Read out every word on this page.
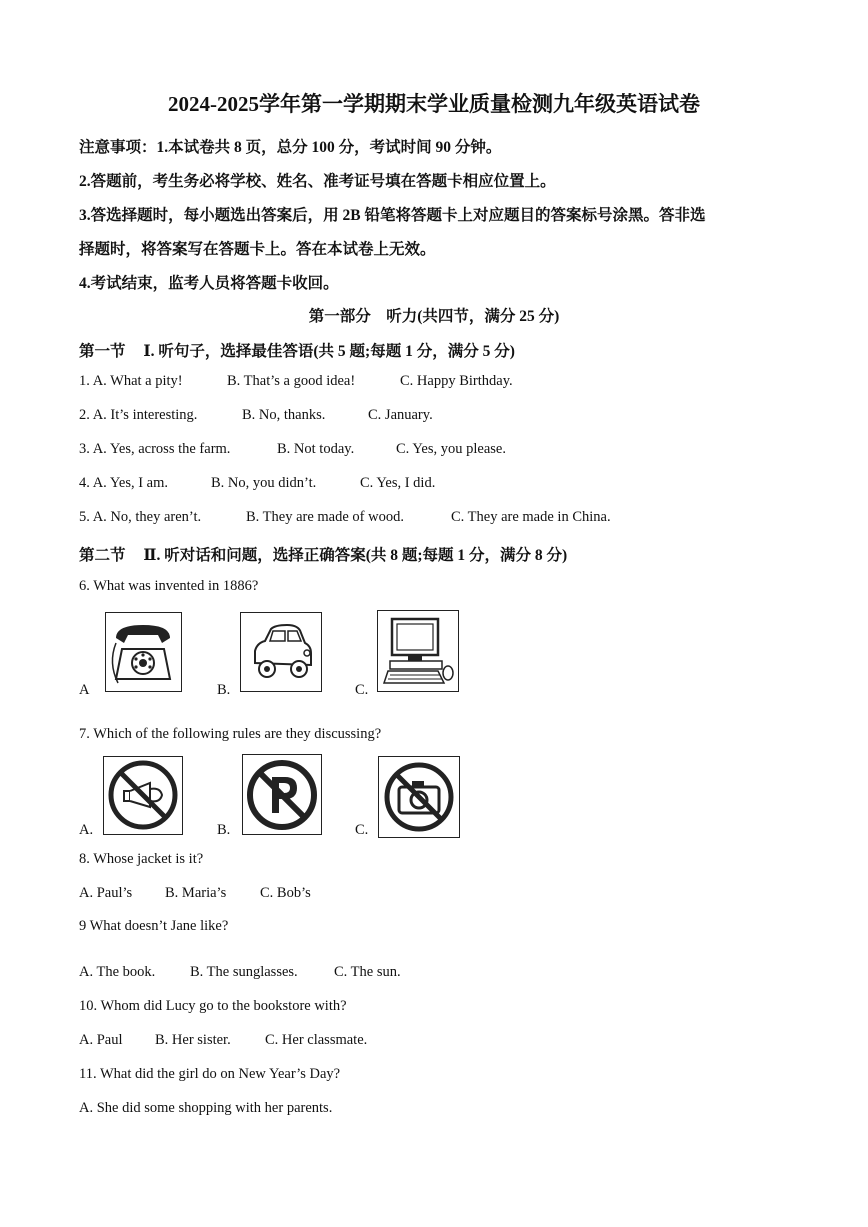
2024-2025学年第一学期期末学业质量检测九年级英语试卷
注意事项：1.本试卷共 8 页，总分 100 分，考试时间 90 分钟。
2.答题前，考生务必将学校、姓名、准考证号填在答题卡相应位置上。
3.答选择题时，每小题选出答案后，用 2B 铅笔将答题卡上对应题目的答案标号涂黑。答非选
择题时，将答案写在答题卡上。答在本试卷上无效。
4.考试结束，监考人员将答题卡收回。
第一部分　听力(共四节，满分 25 分)
第一节 Ⅰ. 听句子，选择最佳答语(共 5 题;每题 1 分，满分 5 分)
1. A. What a pity!	B. That’s a good idea!	C. Happy Birthday.
2. A. It’s interesting.	B. No, thanks.	C. January.
3. A. Yes, across the farm.	B. Not today.	C. Yes, you please.
4. A. Yes, I am.	B. No, you didn’t.	C. Yes, I did.
5. A. No, they aren’t.	B. They are made of wood.	C. They are made in China.
第二节 Ⅱ. 听对话和问题，选择正确答案(共 8 题;每题 1 分，满分 8 分)
6. What was invented in 1886?
A	B.	C.
7. Which of the following rules are they discussing?
A.	B.	C.
8. Whose jacket is it?
A. Paul’s B. Maria’s C. Bob’s
9 What doesn’t Jane like?
A. The book. B. The sunglasses.	C. The sun.
10. Whom did Lucy go to the bookstore with?
A. Paul B. Her sister. C. Her classmate.
11. What did the girl do on New Year’s Day?
A. She did some shopping with her parents.
